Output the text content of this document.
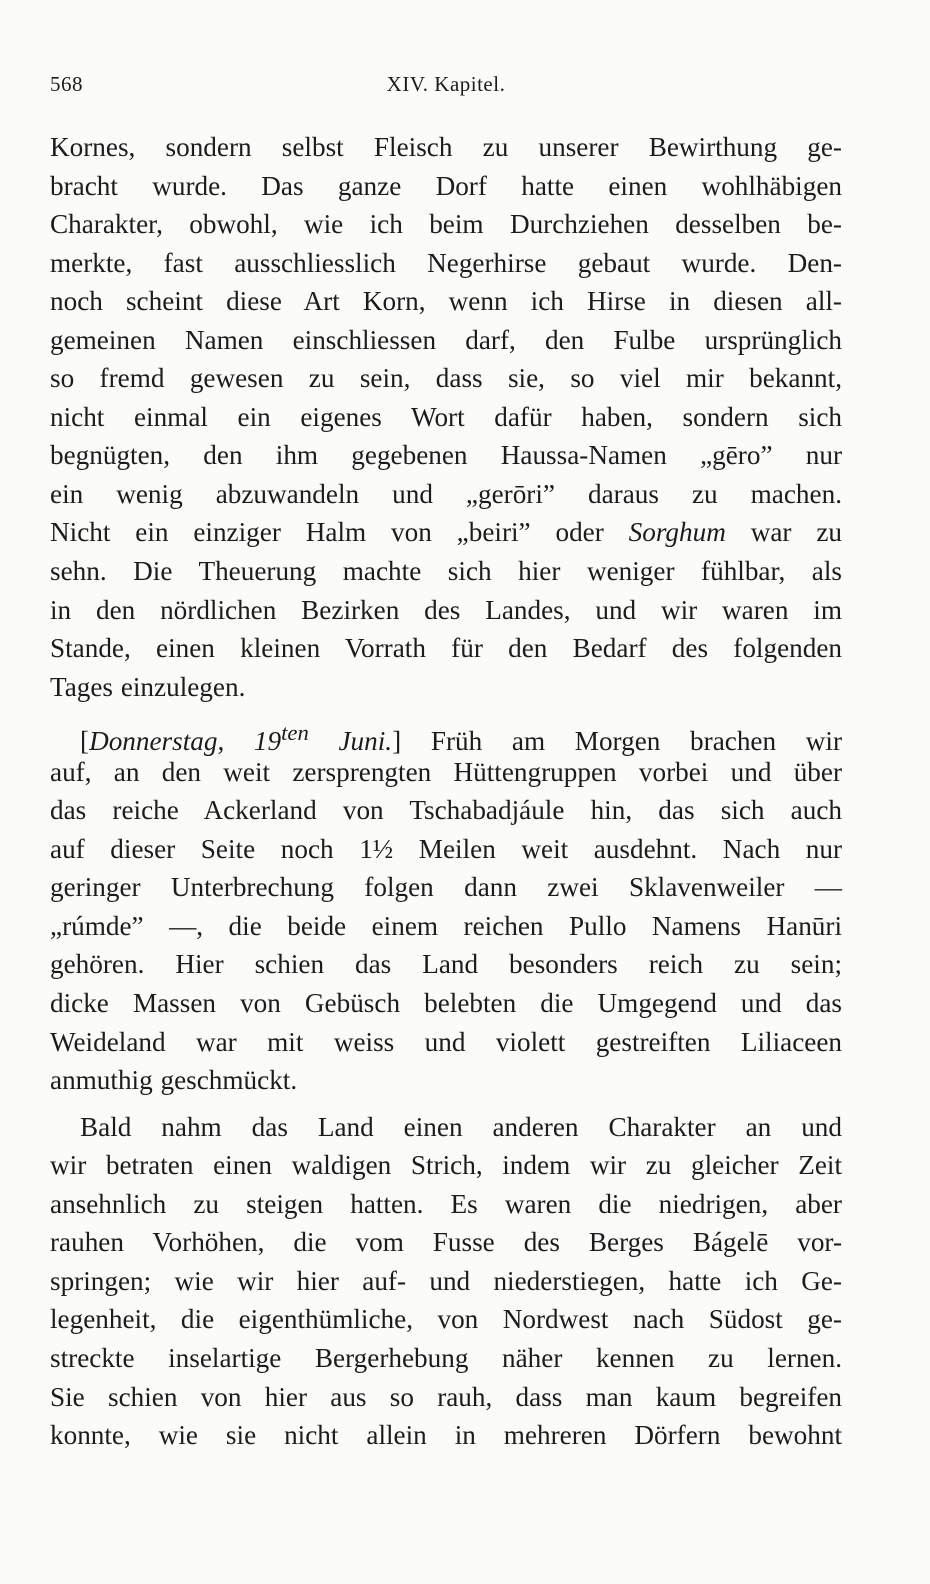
568	XIV. Kapitel.
Kornes, sondern selbst Fleisch zu unserer Bewirthung ge-
bracht wurde. Das ganze Dorf hatte einen wohlhäbigen
Charakter, obwohl, wie ich beim Durchziehen desselben be-
merkte, fast ausschliesslich Negerhirse gebaut wurde. Den-
noch scheint diese Art Korn, wenn ich Hirse in diesen all-
gemeinen Namen einschliessen darf, den Fulbe ursprünglich
so fremd gewesen zu sein, dass sie, so viel mir bekannt,
nicht einmal ein eigenes Wort dafür haben, sondern sich
begnügten, den ihm gegebenen Haussa-Namen „gēro” nur
ein wenig abzuwandeln und „gerōri” daraus zu machen.
Nicht ein einziger Halm von „beiri” oder Sorghum war zu
sehn. Die Theuerung machte sich hier weniger fühlbar, als
in den nördlichen Bezirken des Landes, und wir waren im
Stande, einen kleinen Vorrath für den Bedarf des folgenden
Tages einzulegen.
[Donnerstag, $19^{ten}$ Juni.] Früh am Morgen brachen wir
auf, an den weit zersprengten Hüttengruppen vorbei und über
das reiche Ackerland von Tschabadjáule hin, das sich auch
auf dieser Seite noch 1½ Meilen weit ausdehnt. Nach nur
geringer Unterbrechung folgen dann zwei Sklavenweiler —
„rúmde” —, die beide einem reichen Pullo Namens Hanūri
gehören. Hier schien das Land besonders reich zu sein;
dicke Massen von Gebüsch belebten die Umgegend und das
Weideland war mit weiss und violett gestreiften Liliaceen
anmuthig geschmückt.
Bald nahm das Land einen anderen Charakter an und
wir betraten einen waldigen Strich, indem wir zu gleicher Zeit
ansehnlich zu steigen hatten. Es waren die niedrigen, aber
rauhen Vorhöhen, die vom Fusse des Berges Bágelē vor-
springen; wie wir hier auf- und niederstiegen, hatte ich Ge-
legenheit, die eigenthümliche, von Nordwest nach Südost ge-
streckte inselartige Bergerhebung näher kennen zu lernen.
Sie schien von hier aus so rauh, dass man kaum begreifen
konnte, wie sie nicht allein in mehreren Dörfern bewohnt
